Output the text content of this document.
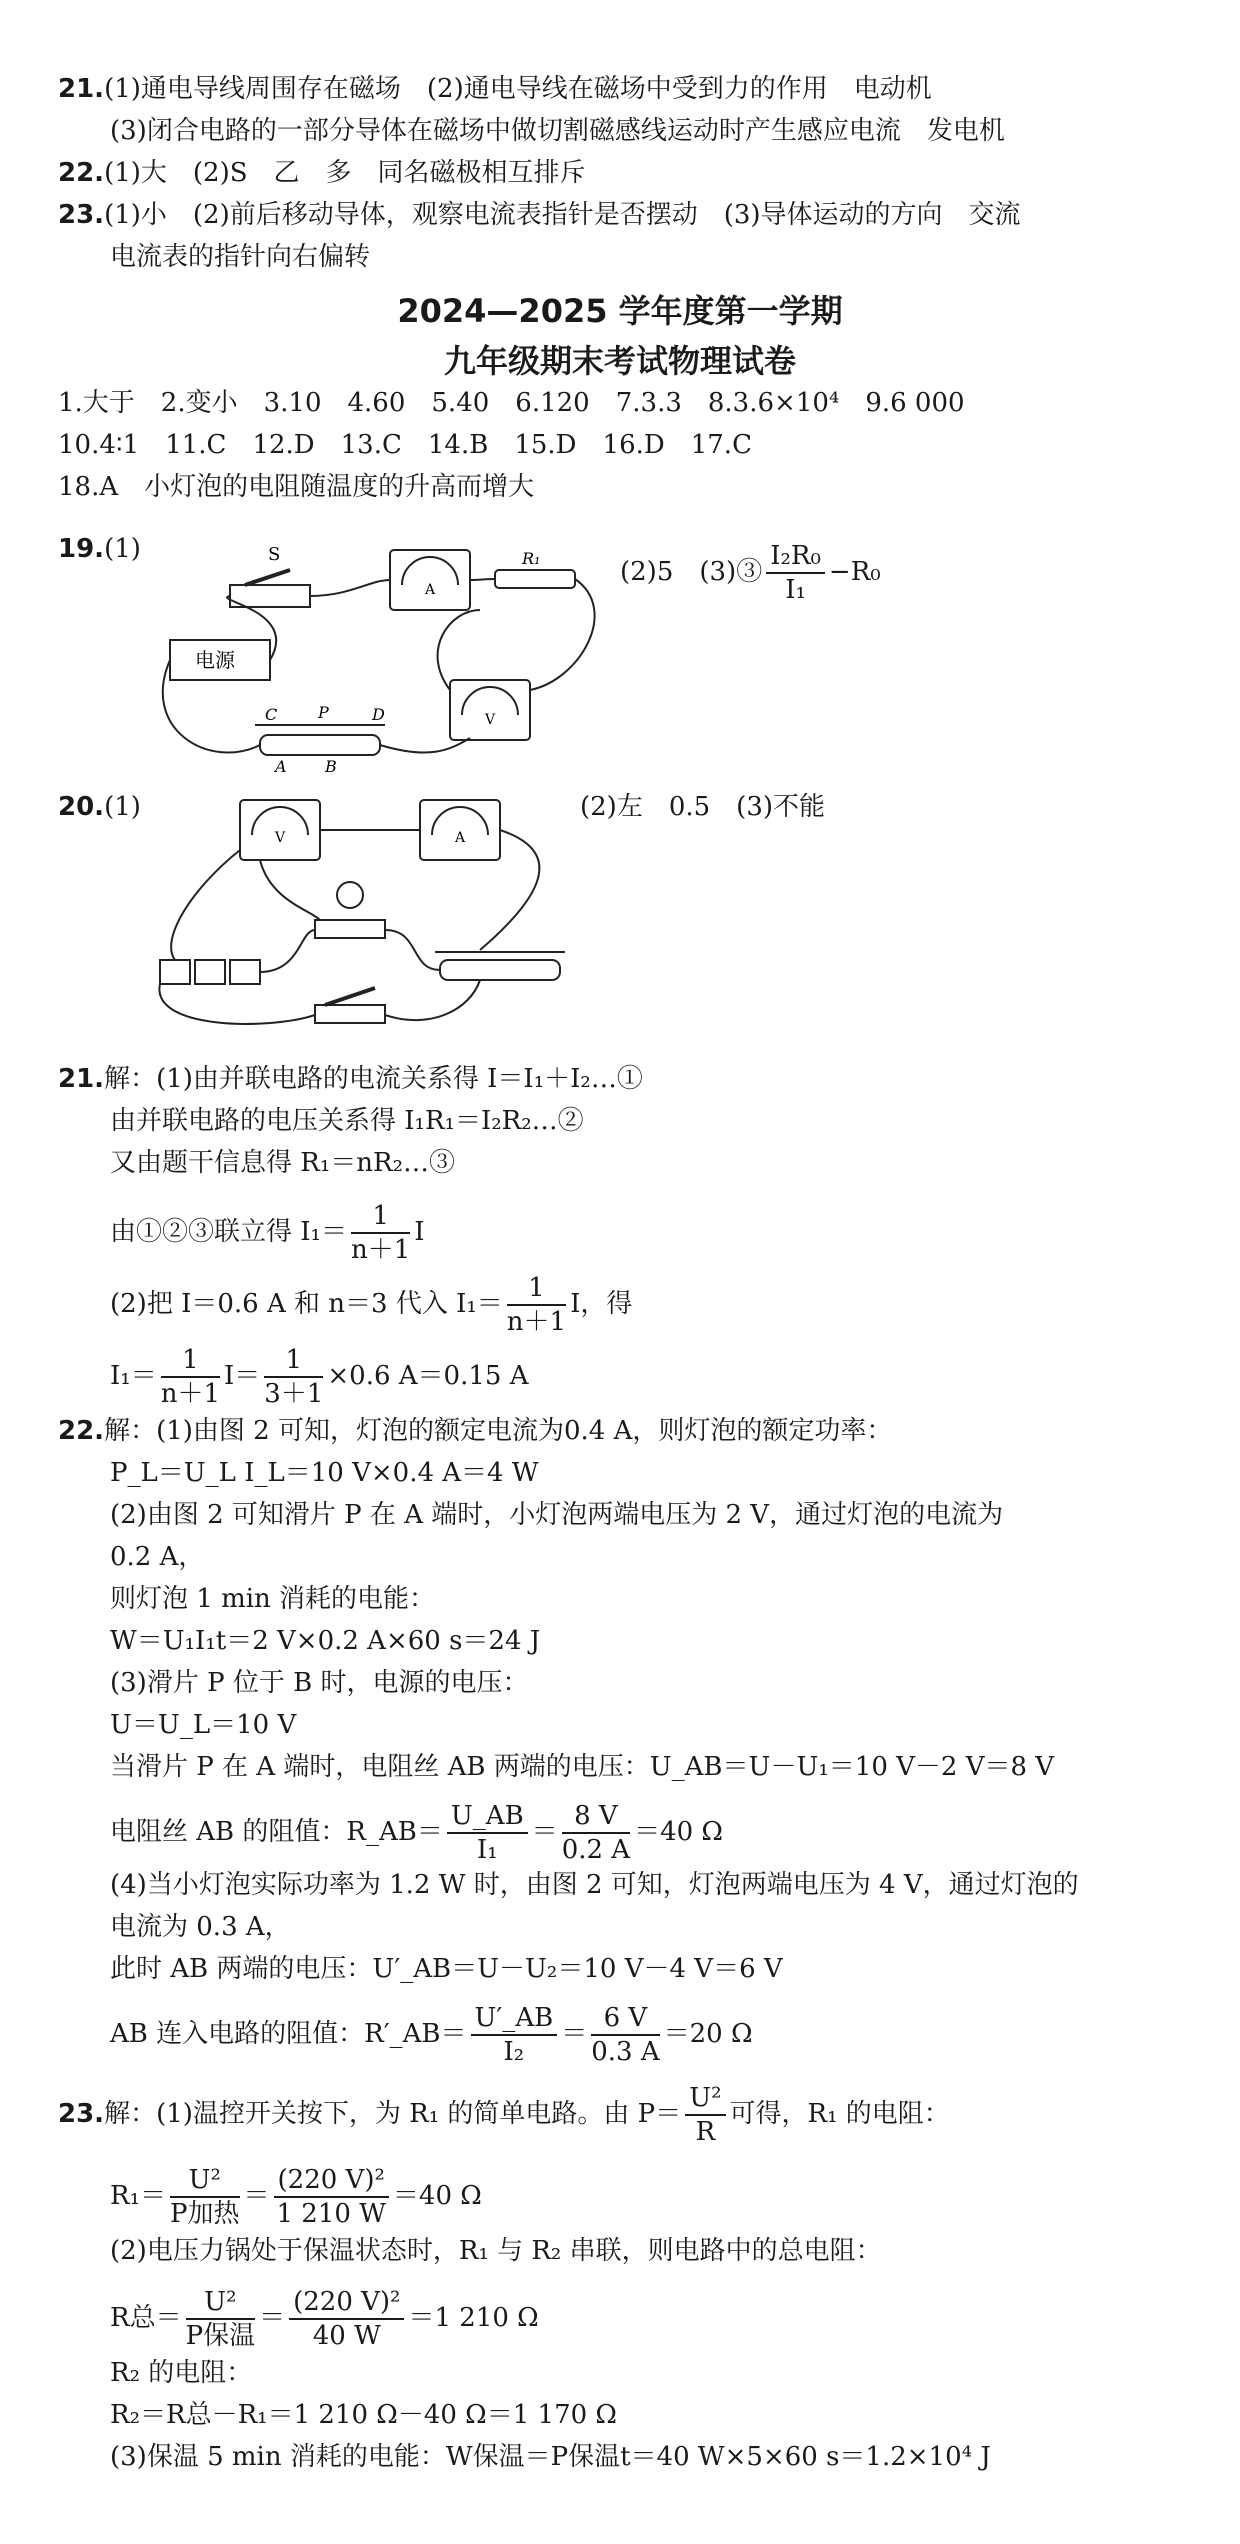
21.(1)通电导线周围存在磁场　(2)通电导线在磁场中受到力的作用　电动机
(3)闭合电路的一部分导体在磁场中做切割磁感线运动时产生感应电流　发电机
22.(1)大　(2)S　乙　多　同名磁极相互排斥
23.(1)小　(2)前后移动导体，观察电流表指针是否摆动　(3)导体运动的方向　交流
电流表的指针向右偏转
2024—2025 学年度第一学期
九年级期末考试物理试卷
1.大于　2.变小　3.10　4.60　5.40　6.120　7.3.3　8.3.6×10⁴　9.6 000
10.4∶1　11.C　12.D　13.C　14.B　15.D　16.D　17.C
18.A　小灯泡的电阻随温度的升高而增大
19.(1)
(2)5　(3)③ $\frac{\text{I₂R₀}}{\text{I₁}} -R_0$
S
A
R₁
电源
V
C	P	D
A B
20.(1)	(2)左　0.5　(3)不能
V	A
21.解：(1)由并联电路的电流关系得 I＝I₁＋I₂…①
由并联电路的电压关系得 I₁R₁＝I₂R₂…②
又由题干信息得 R₁＝nR₂…③
由①②③联立得 $I_1= \frac{1}{n+1}$ I
(2)把 I＝0.6 A 和 n＝3 代入 $I_1= \frac{1}{n+1}$ I，得
$I_1= \frac{1}{n+1} I= \frac{1}{3+1} \times 0.6$ A＝0.15 A
22.解：(1)由图 2 可知，灯泡的额定电流为0.4 A，则灯泡的额定功率：
P_L＝U_L I_L＝10 V×0.4 A＝4 W
(2)由图 2 可知滑片 P 在 A 端时，小灯泡两端电压为 2 V，通过灯泡的电流为
0.2 A，
则灯泡 1 min 消耗的电能：
W＝U₁I₁t＝2 V×0.2 A×60 s＝24 J
(3)滑片 P 位于 B 时，电源的电压：
U＝U_L＝10 V
当滑片 P 在 A 端时，电阻丝 AB 两端的电压：U_AB＝U－U₁＝10 V－2 V＝8 V
电阻丝 AB 的阻值：R_AB＝ $\frac{U\_AB}{\text{I₁}} = \frac{8 V}{0.2 A} =40$ Ω
(4)当小灯泡实际功率为 1.2 W 时，由图 2 可知，灯泡两端电压为 4 V，通过灯泡的
电流为 0.3 A，
此时 AB 两端的电压：U′_AB＝U－U₂＝10 V－4 V＝6 V
AB 连入电路的阻值：R′_AB＝ $\frac{U'\_AB}{\text{I₂}} = \frac{6 V}{0.3 A} =20$ Ω
23.解：(1)温控开关按下，为 R₁ 的简单电路。由 $P= \frac{\text{U²}}{R}$ 可得，R₁ 的电阻：
$R_1= \frac{\text{U²}}{\text{P加热}} = \frac{\text{(220 V)²}}{1 210 W} =40$ Ω
(2)电压力锅处于保温状态时，R₁ 与 R₂ 串联，则电路中的总电阻：
R总＝ $\frac{\text{U²}}{\text{P保温}} = \frac{\text{(220 V)²}}{40 W} =1$ 210 Ω
R₂ 的电阻：
R₂＝R总－R₁＝1 210 Ω－40 Ω＝1 170 Ω
(3)保温 5 min 消耗的电能：W保温＝P保温t＝40 W×5×60 s＝1.2×10⁴ J
